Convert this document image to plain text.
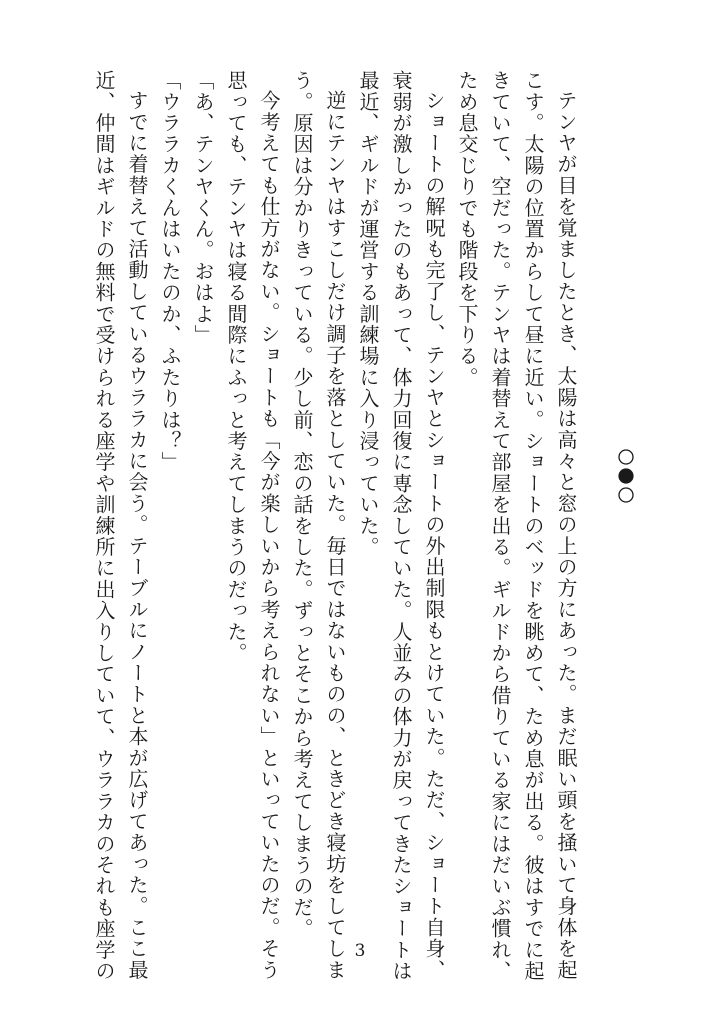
テンヤが目を覚ましたとき、太陽は高々と窓の上の方にあった。まだ眠い頭を掻いて身体を起
こす。太陽の位置からして昼に近い。ショートのベッドを眺めて、ため息が出る。彼はすでに起
きていて、空だった。テンヤは着替えて部屋を出る。ギルドから借りている家にはだいぶ慣れ、
ため息交じりでも階段を下りる。
ショートの解呪も完了し、テンヤとショートの外出制限もとけていた。ただ、ショート自身、
衰弱が激しかったのもあって、体力回復に専念していた。人並みの体力が戻ってきたショートは
最近、ギルドが運営する訓練場に入り浸っていた。
逆にテンヤはすこしだけ調子を落としていた。毎日ではないものの、ときどき寝坊をしてしま
う。原因は分かりきっている。少し前、恋の話をした。ずっとそこから考えてしまうのだ。
今考えても仕方がない。ショートも「今が楽しいから考えられない」といっていたのだ。そう
思っても、テンヤは寝る間際にふっと考えてしまうのだった。
「あ、テンヤくん。おはよ」
「ウララカくんはいたのか、ふたりは？」
すでに着替えて活動しているウララカに会う。テーブルにノートと本が広げてあった。ここ最
近、仲間はギルドの無料で受けられる座学や訓練所に出入りしていて、ウララカのそれも座学の	3
